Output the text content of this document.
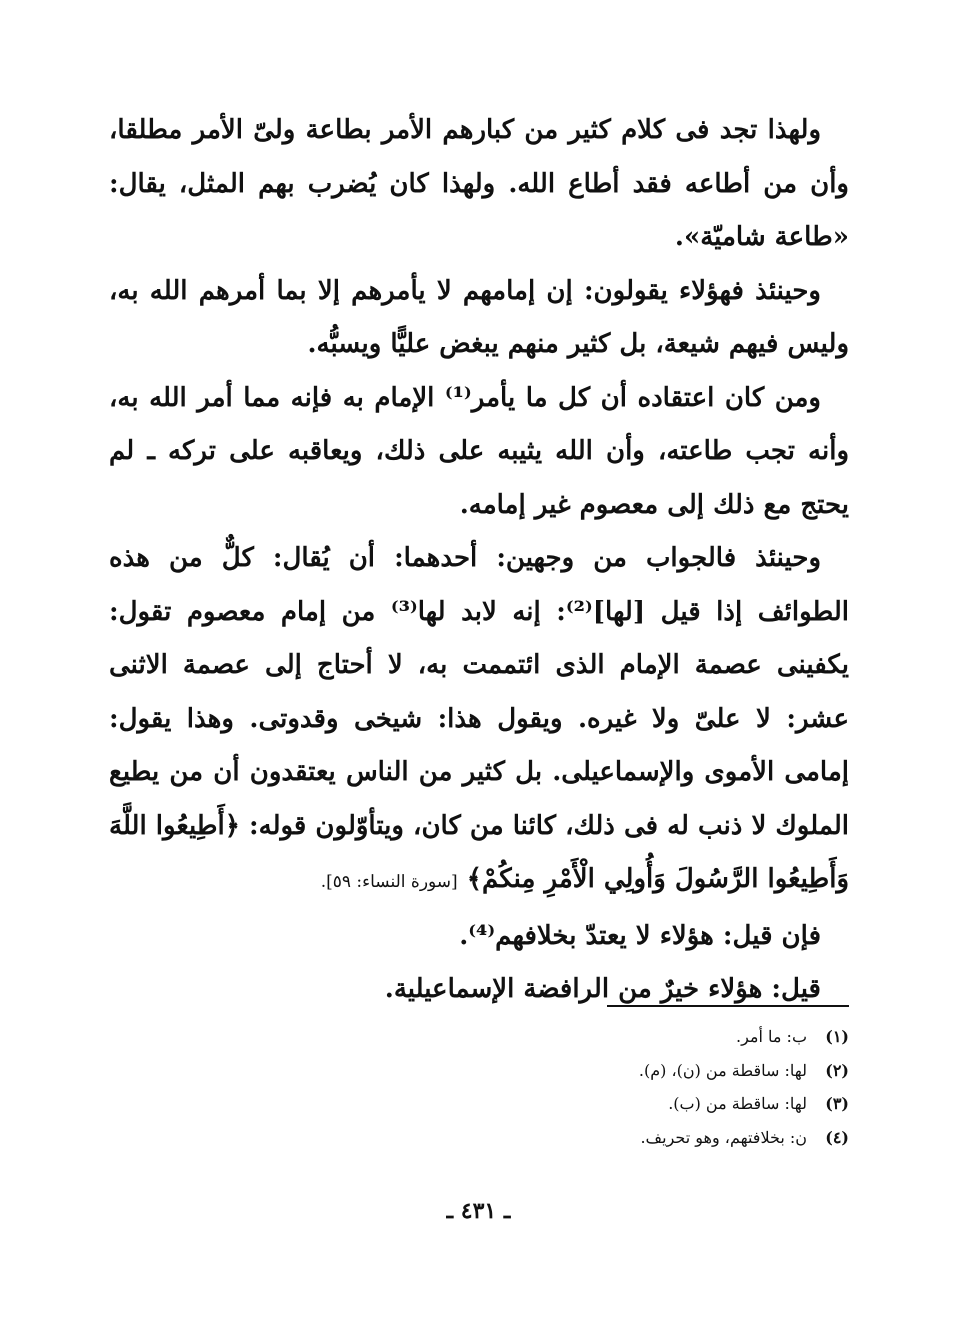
ولهذا تجد فى كلام كثير من كبارهم الأمر بطاعة ولىّ الأمر مطلقا، وأن من أطاعه فقد أطاع الله. ولهذا كان يُضرب بهم المثل، يقال: «طاعة شاميّة».

وحينئذ فهؤلاء يقولون: إن إمامهم لا يأمرهم إلا بما أمرهم الله به، وليس فيهم شيعة، بل كثير منهم يبغض عليًّا ويسبُّه.

ومن كان اعتقاده أن كل ما يأمر⁽¹⁾ الإمام به فإنه مما أمر الله به، وأنه تجب طاعته، وأن الله يثيبه على ذلك، ويعاقبه على تركه ـ لم يحتج مع ذلك إلى معصوم غير إمامه.

وحينئذ فالجواب من وجهين: أحدهما: أن يُقال: كلٌّ من هذه الطوائف إذا قيل [لها]⁽²⁾: إنه لابد لها⁽³⁾ من إمام معصوم تقول: يكفينى عصمة الإمام الذى ائتممت به، لا أحتاج إلى عصمة الاثنى عشر: لا علىّ ولا غيره. ويقول هذا: شيخى وقدوتى. وهذا يقول: إمامى الأموى والإسماعيلى. بل كثير من الناس يعتقدون أن من يطيع الملوك لا ذنب له فى ذلك، كائنا من كان، ويتأوّلون قوله: ﴿أَطِيعُوا اللَّهَ وَأَطِيعُوا الرَّسُولَ وَأُولِي الْأَمْرِ مِنكُمْ﴾ [سورة النساء: ٥٩].

فإن قيل: هؤلاء لا يعتدّ بخلافهم⁽⁴⁾.

قيل: هؤلاء خيرٌ من الرافضة الإسماعيلية.

(١)
ب: ما أمر.
(٢)
لها: ساقطة من (ن)، (م).
(٣)
لها: ساقطة من (ب).
(٤)
ن: بخلافتهم، وهو تحريف.
ـ ٤٣١ ـ
